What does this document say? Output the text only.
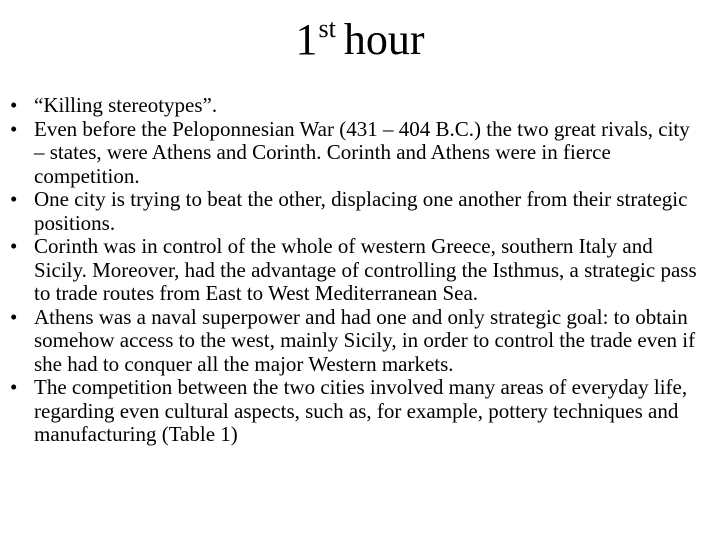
1st hour
• “Killing stereotypes”.
• Even before the Peloponnesian War (431 – 404 B.C.) the two great rivals, city – states, were Athens and Corinth. Corinth and Athens were in fierce competition.
• One city is trying to beat the other, displacing one another from their strategic positions.
• Corinth was in control of the whole of western Greece, southern Italy and Sicily. Moreover, had the advantage of controlling the Isthmus, a strategic pass to trade routes from East to West Mediterranean Sea.
• Athens was a naval superpower and had one and only strategic goal: to obtain somehow access to the west, mainly Sicily, in order to control the trade even if she had to conquer all the major Western markets.
• The competition between the two cities involved many areas of everyday life, regarding even cultural aspects, such as, for example, pottery techniques and manufacturing (Table 1)
